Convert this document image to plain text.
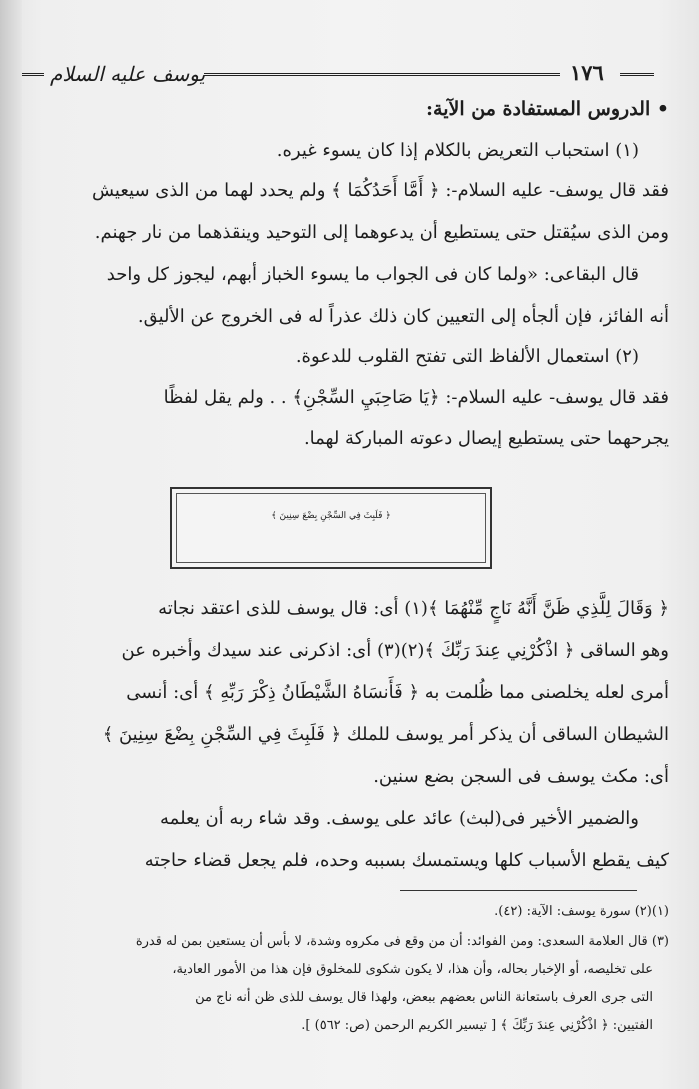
يوسف عليه السلام	١٧٦
• الدروس المستفادة من الآية:
(١) استحباب التعريض بالكلام إذا كان يسوء غيره.
فقد قال يوسف- عليه السلام-: ﴿ أَمَّا أَحَدُكُمَا ﴾ ولم يحدد لهما من الذى سيعيش
ومن الذى سيُقتل حتى يستطيع أن يدعوهما إلى التوحيد وينقذهما من نار جهنم.
قال البقاعى: «ولما كان فى الجواب ما يسوء الخباز أبهم، ليجوز كل واحد
أنه الفائز، فإن ألجأه إلى التعيين كان ذلك عذراً له فى الخروج عن الأليق.
(٢) استعمال الألفاظ التى تفتح القلوب للدعوة.
فقد قال يوسف- عليه السلام-: ﴿يَا صَاحِبَيِ السِّجْنِ﴾ . . ولم يقل لفظًا
يجرحهما حتى يستطيع إيصال دعوته المباركة لهما.
﴿ فَلَبِثَ فِي السِّجْنِ بِضْعَ سِنِينَ ﴾
﴿ وَقَالَ لِلَّذِي ظَنَّ أَنَّهُ نَاجٍ مِّنْهُمَا ﴾(١) أى: قال يوسف للذى اعتقد نجاته
وهو الساقى ﴿ اذْكُرْنِي عِندَ رَبِّكَ ﴾(٢)(٣) أى: اذكرنى عند سيدك وأخبره عن
أمرى لعله يخلصنى مما ظُلمت به ﴿ فَأَنسَاهُ الشَّيْطَانُ ذِكْرَ رَبِّهِ ﴾ أى: أنسى
الشيطان الساقى أن يذكر أمر يوسف للملك ﴿ فَلَبِثَ فِي السِّجْنِ بِضْعَ سِنِينَ ﴾
أى: مكث يوسف فى السجن بضع سنين.
والضمير الأخير فى(لبث) عائد على يوسف. وقد شاء ربه أن يعلمه
كيف يقطع الأسباب كلها ويستمسك بسببه وحده، فلم يجعل قضاء حاجته
(١)(٢) سورة يوسف: الآية: (٤٢).
(٣) قال العلامة السعدى: ومن الفوائد: أن من وقع فى مكروه وشدة، لا بأس أن يستعين بمن له قدرة
على تخليصه، أو الإخبار بحاله، وأن هذا، لا يكون شكوى للمخلوق فإن هذا من الأمور العادية،
التى جرى العرف باستعانة الناس بعضهم ببعض، ولهذا قال يوسف للذى ظن أنه ناج من
الفتيين: ﴿ اذْكُرْنِي عِندَ رَبِّكَ ﴾ [ تيسير الكريم الرحمن (ص: ٥٦٢) ].
